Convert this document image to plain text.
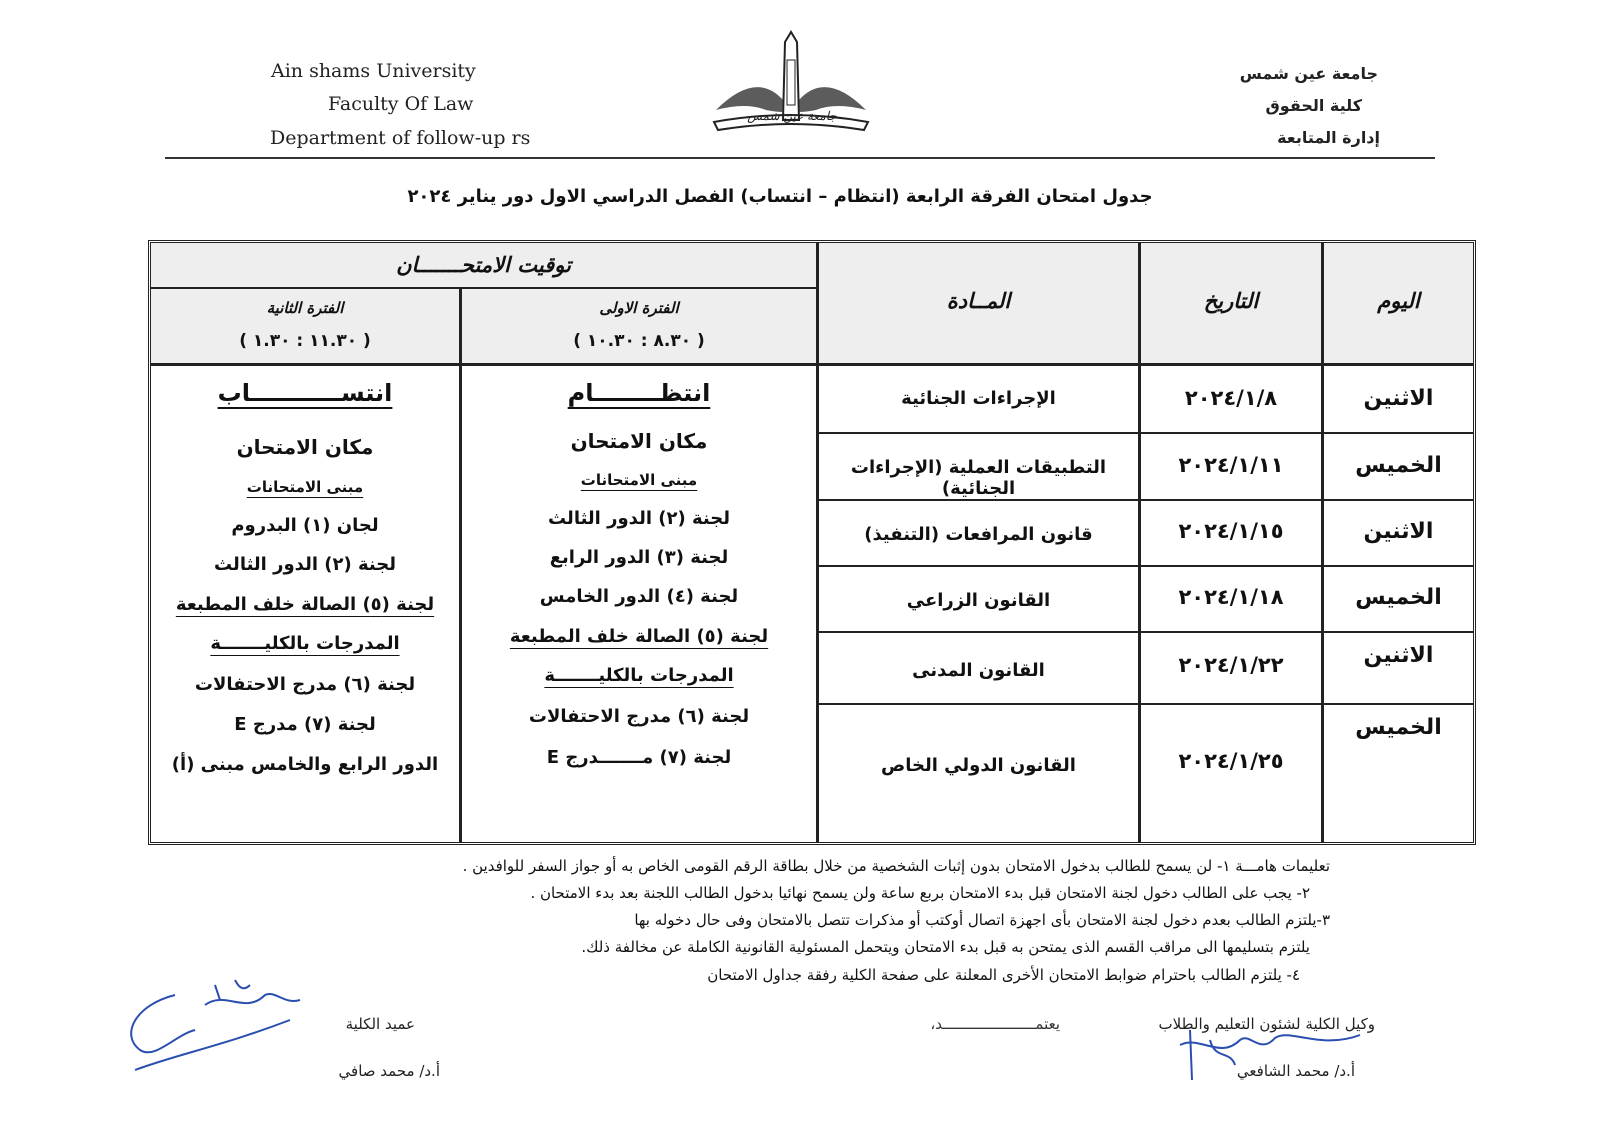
Ain shams University
Faculty Of Law
Department of follow-up rs
جامعة عين شمس
كلية الحقوق
إدارة المتابعة
جامعة عين شمس
جدول امتحان الفرقة الرابعة (انتظام – انتساب) الفصل الدراسي الاول دور يناير ٢٠٢٤
اليوم
التاريخ
المــادة
توقيت الامتحـــــــان
الفترة الاولى
( ٨.٣٠ : ١٠.٣٠ )
الفترة الثانية
( ١١.٣٠ : ١.٣٠ )
الاثنين
٢٠٢٤/١/٨
الإجراءات الجنائية
الخميس
٢٠٢٤/١/١١
التطبيقات العملية (الإجراءات الجنائية)
الاثنين
٢٠٢٤/١/١٥
قانون المرافعات (التنفيذ)
الخميس
٢٠٢٤/١/١٨
القانون الزراعي
الاثنين
٢٠٢٤/١/٢٢
القانون المدنى
الخميس
٢٠٢٤/١/٢٥
القانون الدولي الخاص
انتظــــــــام
مكان الامتحان
مبنى الامتحانات
لجنة (٢) الدور الثالث
لجنة (٣) الدور الرابع
لجنة (٤) الدور الخامس
لجنة (٥) الصالة خلف المطبعة
المدرجات بالكليـــــــة
لجنة (٦) مدرج الاحتفالات
لجنة (٧) مـــــــدرج E
انتســـــــــــاب
مكان الامتحان
مبنى الامتحانات
لجان (١) البدروم
لجنة (٢) الدور الثالث
لجنة (٥) الصالة خلف المطبعة
المدرجات بالكليـــــــة
لجنة (٦) مدرج الاحتفالات
لجنة (٧) مدرج E
الدور الرابع والخامس مبنى (أ)
تعليمات هامـــة ١- لن يسمح للطالب بدخول الامتحان بدون إثبات الشخصية من خلال بطاقة الرقم القومى الخاص به أو جواز السفر للوافدين .
٢- يجب على الطالب دخول لجنة الامتحان قبل بدء الامتحان بربع ساعة ولن يسمح نهائيا بدخول الطالب اللجنة بعد بدء الامتحان .
٣-يلتزم الطالب بعدم دخول لجنة الامتحان بأى اجهزة اتصال أوكتب أو مذكرات تتصل بالامتحان وفى حال دخوله بها
يلتزم بتسليمها الى مراقب القسم الذى يمتحن به قبل بدء الامتحان ويتحمل المسئولية القانونية الكاملة عن مخالفة ذلك.
٤- يلتزم الطالب باحترام ضوابط الامتحان الأخرى المعلنة على صفحة الكلية رفقة جداول الامتحان
وكيل الكلية لشئون التعليم والطلاب
أ.د/ محمد الشافعي
يعتمـــــــــــــــــــــد،
عميد الكلية
أ.د/ محمد صافي
